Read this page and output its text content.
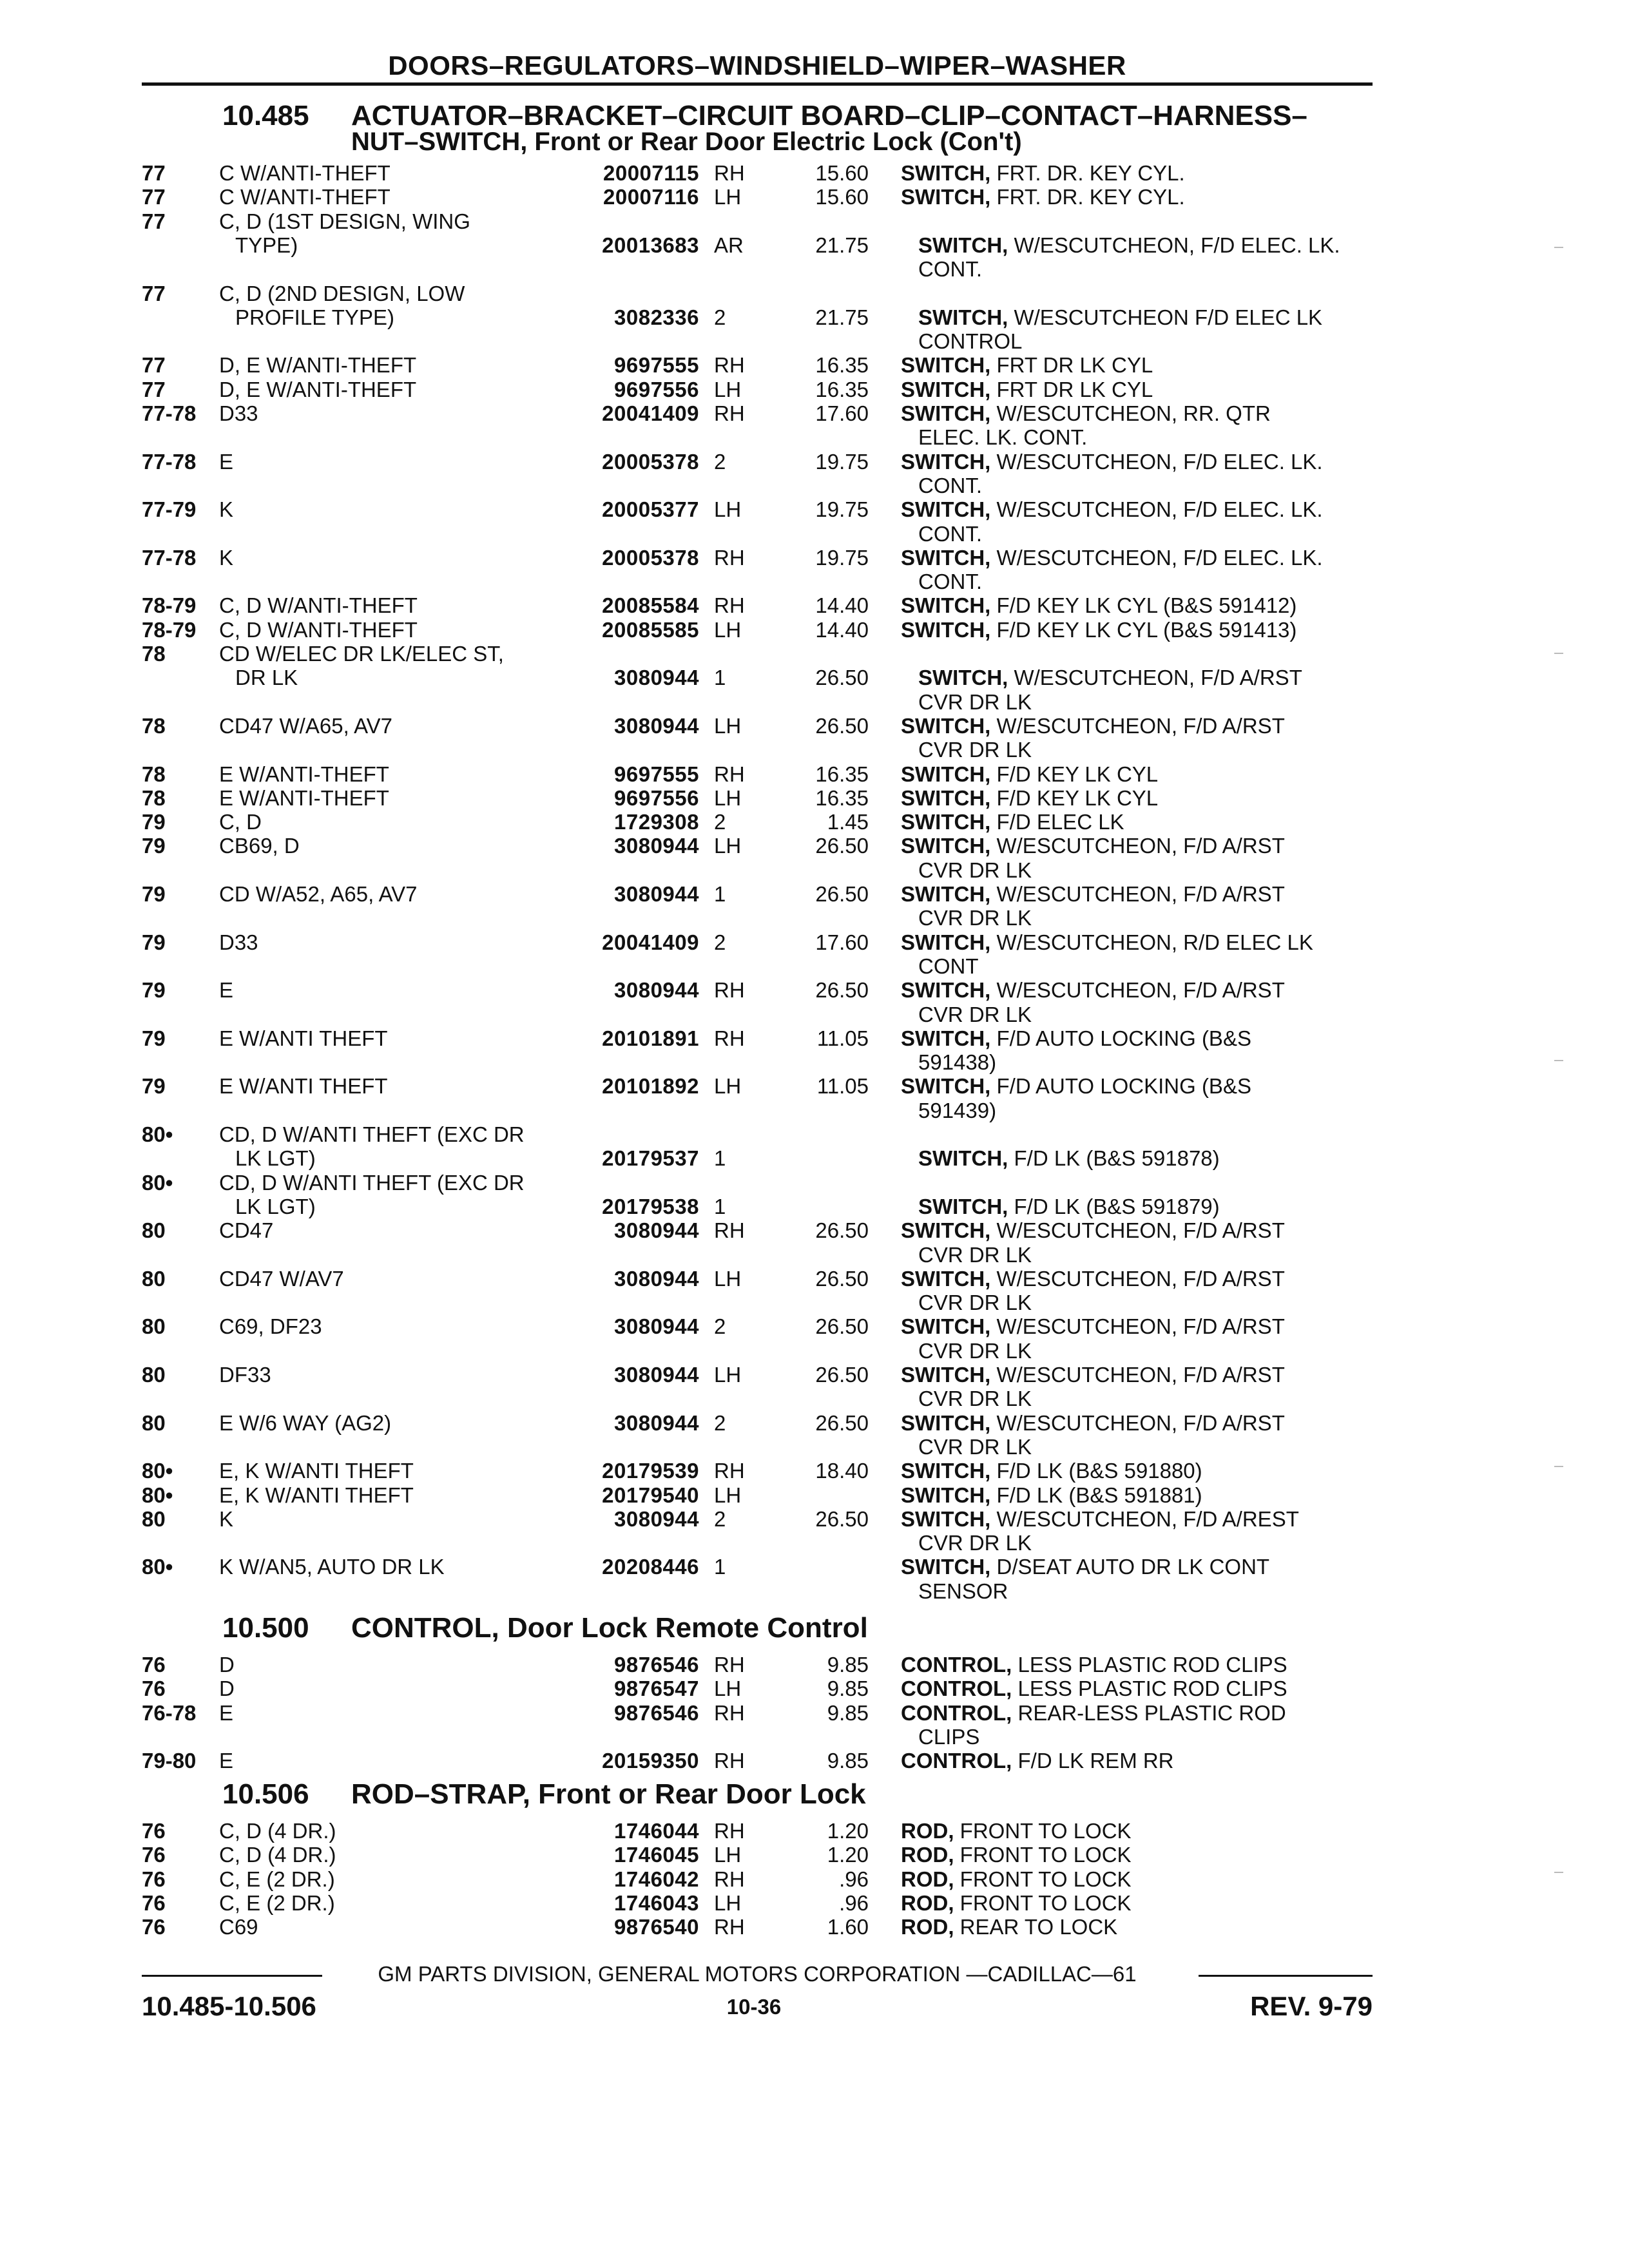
DOORS–REGULATORS–WINDSHIELD–WIPER–WASHER
10.485 ACTUATOR–BRACKET–CIRCUIT BOARD–CLIP–CONTACT–HARNESS–
NUT–SWITCH, Front or Rear Door Electric Lock (Con't)
77	C W/ANTI-THEFT	20007115 RH	15.60 SWITCH, FRT. DR. KEY CYL.
77	C W/ANTI-THEFT	20007116 LH	15.60 SWITCH, FRT. DR. KEY CYL.
77	C, D (1ST DESIGN, WING
TYPE)	20013683 AR	21.75 SWITCH, W/ESCUTCHEON, F/D ELEC. LK.
CONT.
77	C, D (2ND DESIGN, LOW
PROFILE TYPE)	3082336 2	21.75 SWITCH, W/ESCUTCHEON F/D ELEC LK
CONTROL
77	D, E W/ANTI-THEFT	9697555 RH	16.35 SWITCH, FRT DR LK CYL
77	D, E W/ANTI-THEFT	9697556 LH	16.35 SWITCH, FRT DR LK CYL
77-78 D33	20041409 RH	17.60 SWITCH, W/ESCUTCHEON, RR. QTR
ELEC. LK. CONT.
77-78 E	20005378 2	19.75 SWITCH, W/ESCUTCHEON, F/D ELEC. LK.
CONT.
77-79 K	20005377 LH	19.75 SWITCH, W/ESCUTCHEON, F/D ELEC. LK.
CONT.
77-78 K	20005378 RH	19.75 SWITCH, W/ESCUTCHEON, F/D ELEC. LK.
CONT.
78-79 C, D W/ANTI-THEFT	20085584 RH	14.40 SWITCH, F/D KEY LK CYL (B&S 591412)
78-79 C, D W/ANTI-THEFT	20085585 LH	14.40 SWITCH, F/D KEY LK CYL (B&S 591413)
78	CD W/ELEC DR LK/ELEC ST,
DR LK	3080944 1	26.50 SWITCH, W/ESCUTCHEON, F/D A/RST
CVR DR LK
78	CD47 W/A65, AV7	3080944 LH	26.50 SWITCH, W/ESCUTCHEON, F/D A/RST
CVR DR LK
78	E W/ANTI-THEFT	9697555 RH	16.35 SWITCH, F/D KEY LK CYL
78	E W/ANTI-THEFT	9697556 LH	16.35 SWITCH, F/D KEY LK CYL
79	C, D	1729308 2	1.45 SWITCH, F/D ELEC LK
79	CB69, D	3080944 LH	26.50 SWITCH, W/ESCUTCHEON, F/D A/RST
CVR DR LK
79	CD W/A52, A65, AV7	3080944 1	26.50 SWITCH, W/ESCUTCHEON, F/D A/RST
CVR DR LK
79	D33	20041409 2	17.60 SWITCH, W/ESCUTCHEON, R/D ELEC LK
CONT
79	E	3080944 RH	26.50 SWITCH, W/ESCUTCHEON, F/D A/RST
CVR DR LK
79	E W/ANTI THEFT	20101891 RH	11.05 SWITCH, F/D AUTO LOCKING (B&S
591438)
79	E W/ANTI THEFT	20101892 LH	11.05 SWITCH, F/D AUTO LOCKING (B&S
591439)
80• CD, D W/ANTI THEFT (EXC DR
LK LGT)	20179537 1	SWITCH, F/D LK (B&S 591878)
80• CD, D W/ANTI THEFT (EXC DR
LK LGT)	20179538 1	SWITCH, F/D LK (B&S 591879)
80	CD47	3080944 RH	26.50 SWITCH, W/ESCUTCHEON, F/D A/RST
CVR DR LK
80	CD47 W/AV7	3080944 LH	26.50 SWITCH, W/ESCUTCHEON, F/D A/RST
CVR DR LK
80	C69, DF23	3080944 2	26.50 SWITCH, W/ESCUTCHEON, F/D A/RST
CVR DR LK
80	DF33	3080944 LH	26.50 SWITCH, W/ESCUTCHEON, F/D A/RST
CVR DR LK
80	E W/6 WAY (AG2)	3080944 2	26.50 SWITCH, W/ESCUTCHEON, F/D A/RST
CVR DR LK
80• E, K W/ANTI THEFT	20179539 RH	18.40 SWITCH, F/D LK (B&S 591880)
80• E, K W/ANTI THEFT	20179540 LH	SWITCH, F/D LK (B&S 591881)
80	K	3080944 2	26.50 SWITCH, W/ESCUTCHEON, F/D A/REST
CVR DR LK
80• K W/AN5, AUTO DR LK	20208446 1	SWITCH, D/SEAT AUTO DR LK CONT
SENSOR
10.500 CONTROL, Door Lock Remote Control
76	D	9876546 RH	9.85 CONTROL, LESS PLASTIC ROD CLIPS
76	D	9876547 LH	9.85 CONTROL, LESS PLASTIC ROD CLIPS
76-78 E	9876546 RH	9.85 CONTROL, REAR-LESS PLASTIC ROD
CLIPS
79-80 E	20159350 RH	9.85 CONTROL, F/D LK REM RR
10.506 ROD–STRAP, Front or Rear Door Lock
76	C, D (4 DR.)	1746044 RH	1.20 ROD, FRONT TO LOCK
76	C, D (4 DR.)	1746045 LH	1.20 ROD, FRONT TO LOCK
76	C, E (2 DR.)	1746042 RH	.96 ROD, FRONT TO LOCK
76	C, E (2 DR.)	1746043 LH	.96 ROD, FRONT TO LOCK
76	C69	9876540 RH	1.60 ROD, REAR TO LOCK
GM PARTS DIVISION, GENERAL MOTORS CORPORATION —CADILLAC—61
10.485-10.506	10-36	REV. 9-79
